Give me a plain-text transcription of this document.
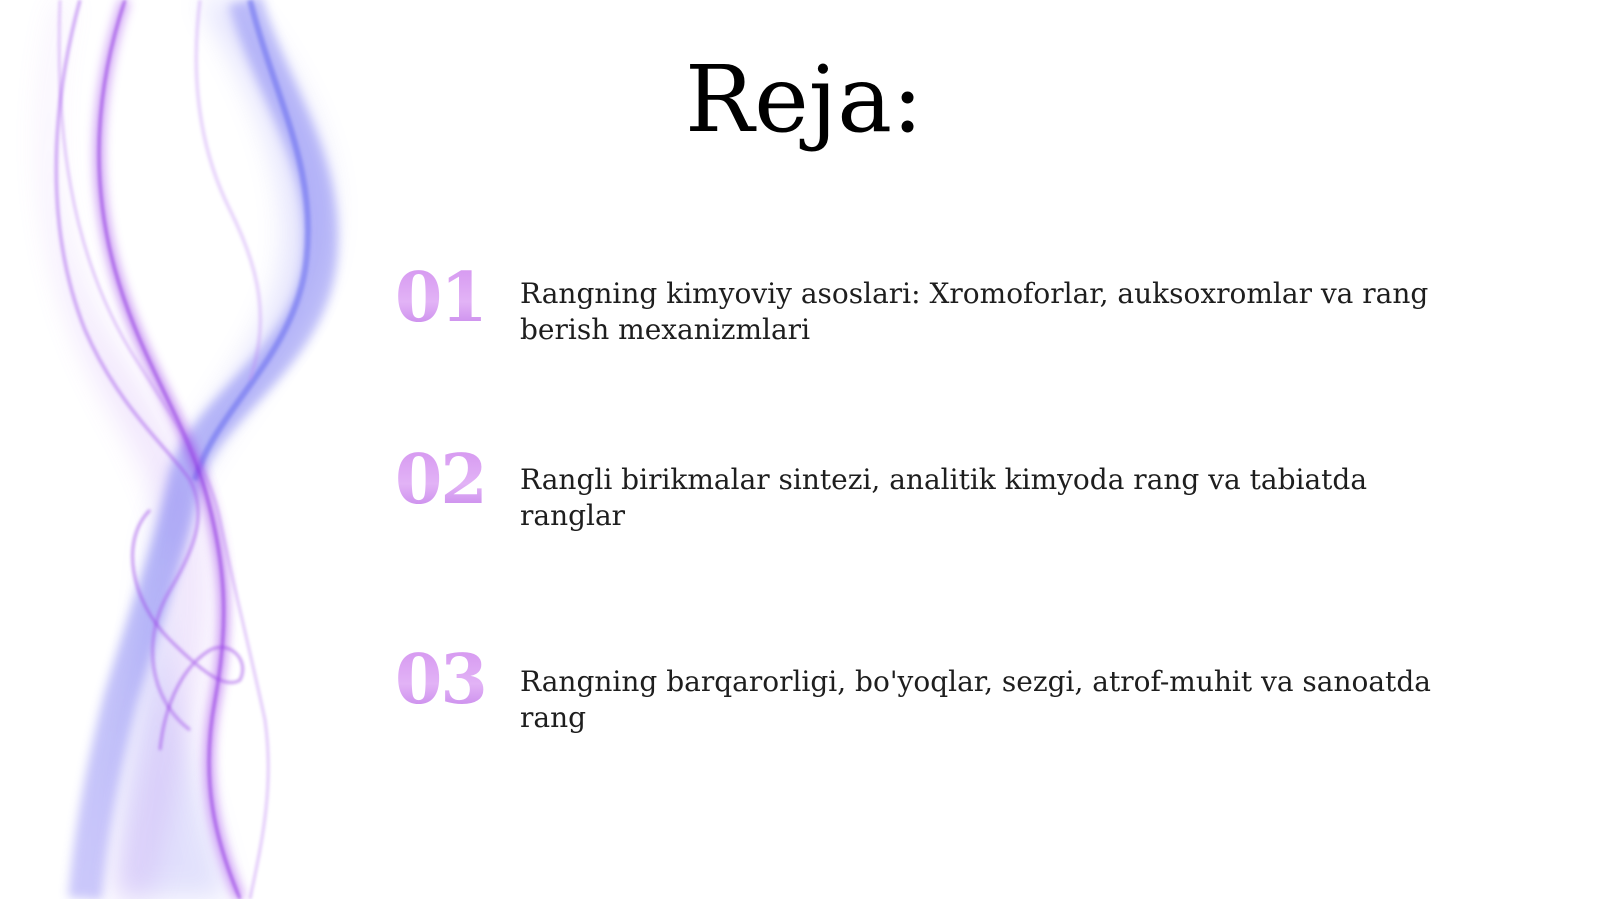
Reja:
01 Rangning kimyoviy asoslari: Xromoforlar, auksoxromlar va rang berish mexanizmlari
02 Rangli birikmalar sintezi, analitik kimyoda rang va tabiatda ranglar
03 Rangning barqarorligi, bo'yoqlar, sezgi, atrof-muhit va sanoatda rang
